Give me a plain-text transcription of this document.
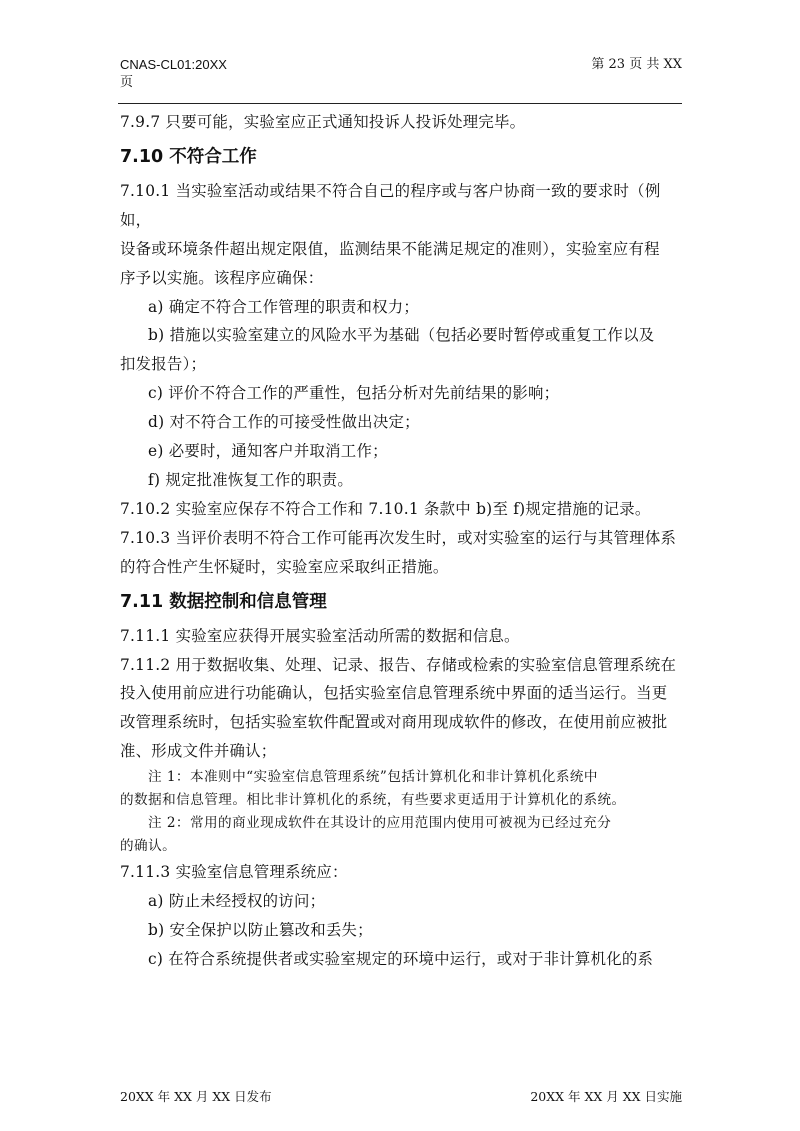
CNAS-CL01:20XX
页
第 23 页 共 XX

7.9.7 只要可能，实验室应正式通知投诉人投诉处理完毕。

7.10 不符合工作

7.10.1 当实验室活动或结果不符合自己的程序或与客户协商一致的要求时（例如，

设备或环境条件超出规定限值，监测结果不能满足规定的准则），实验室应有程

序予以实施。该程序应确保：

a) 确定不符合工作管理的职责和权力；

b) 措施以实验室建立的风险水平为基础（包括必要时暂停或重复工作以及

扣发报告）；

c) 评价不符合工作的严重性，包括分析对先前结果的影响；

d) 对不符合工作的可接受性做出决定；

e) 必要时，通知客户并取消工作；

f) 规定批准恢复工作的职责。

7.10.2 实验室应保存不符合工作和 7.10.1 条款中 b)至 f)规定措施的记录。

7.10.3 当评价表明不符合工作可能再次发生时，或对实验室的运行与其管理体系

的符合性产生怀疑时，实验室应采取纠正措施。

7.11 数据控制和信息管理

7.11.1 实验室应获得开展实验室活动所需的数据和信息。

7.11.2 用于数据收集、处理、记录、报告、存储或检索的实验室信息管理系统在

投入使用前应进行功能确认，包括实验室信息管理系统中界面的适当运行。当更

改管理系统时，包括实验室软件配置或对商用现成软件的修改，在使用前应被批

准、形成文件并确认；

注 1：本准则中“实验室信息管理系统”包括计算机化和非计算机化系统中
的数据和信息管理。相比非计算机化的系统，有些要求更适用于计算机化的系统。
注 2：常用的商业现成软件在其设计的应用范围内使用可被视为已经过充分
的确认。

7.11.3 实验室信息管理系统应：

a) 防止未经授权的访问；

b) 安全保护以防止篡改和丢失；

c) 在符合系统提供者或实验室规定的环境中运行，或对于非计算机化的系

20XX 年 XX 月 XX 日发布	20XX 年 XX 月 XX 日实施
